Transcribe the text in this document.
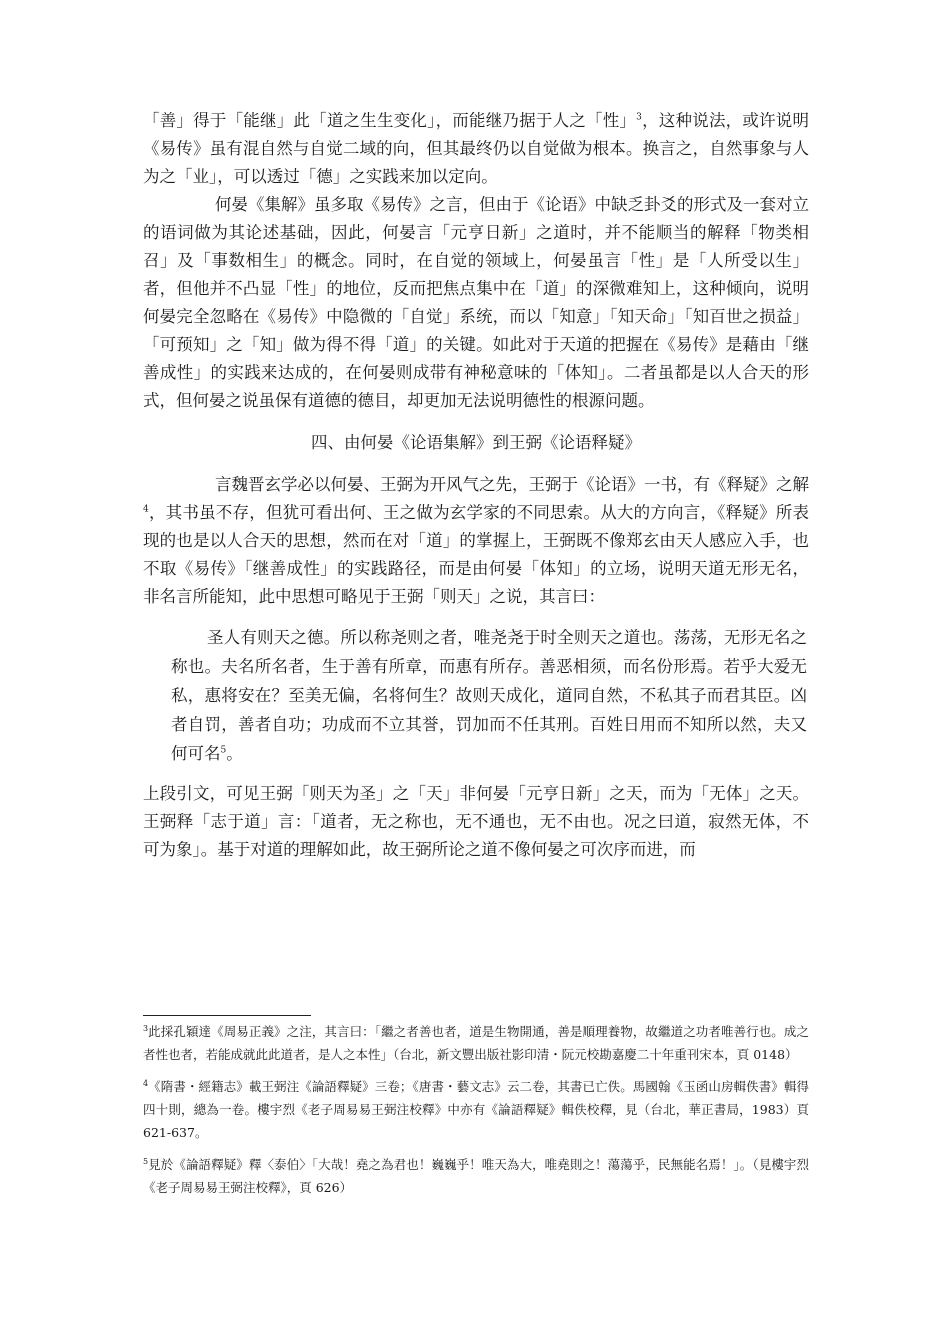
「善」得于「能继」此「道之生生变化」，而能继乃据于人之「性」$^3$，这种说法，或许说明《易传》虽有混自然与自觉二域的向，但其最终仍以自觉做为根本。换言之，自然事象与人为之「业」，可以透过「德」之实践来加以定向。

何晏《集解》虽多取《易传》之言，但由于《论语》中缺乏卦爻的形式及一套对立的语词做为其论述基础，因此，何晏言「元亨日新」之道时，并不能顺当的解释「物类相召」及「事数相生」的概念。同时，在自觉的领域上，何晏虽言「性」是「人所受以生」者，但他并不凸显「性」的地位，反而把焦点集中在「道」的深微难知上，这种倾向，说明何晏完全忽略在《易传》中隐微的「自觉」系统，而以「知意」「知天命」「知百世之损益」「可预知」之「知」做为得不得「道」的关键。如此对于天道的把握在《易传》是藉由「继善成性」的实践来达成的，在何晏则成带有神秘意味的「体知」。二者虽都是以人合天的形式，但何晏之说虽保有道德的德目，却更加无法说明德性的根源问题。

四、由何晏《论语集解》到王弼《论语释疑》

言魏晋玄学必以何晏、王弼为开风气之先，王弼于《论语》一书，有《释疑》之解$^4$，其书虽不存，但犹可看出何、王之做为玄学家的不同思索。从大的方向言，《释疑》所表现的也是以人合天的思想，然而在对「道」的掌握上，王弼既不像郑玄由天人感应入手，也不取《易传》「继善成性」的实践路径，而是由何晏「体知」的立场，说明天道无形无名，非名言所能知，此中思想可略见于王弼「则天」之说，其言曰：

圣人有则天之德。所以称尧则之者，唯尧尧于时全则天之道也。荡荡，无形无名之称也。夫名所名者，生于善有所章，而惠有所存。善恶相须，而名份形焉。若乎大爱无私，惠将安在？至美无偏，名将何生？故则天成化，道同自然，不私其子而君其臣。凶者自罚，善者自功；功成而不立其誉，罚加而不任其刑。百姓日用而不知所以然，夫又何可名$^5$。

上段引文，可见王弼「则天为圣」之「天」非何晏「元亨日新」之天，而为「无体」之天。王弼释「志于道」言：「道者，无之称也，无不通也，无不由也。况之曰道，寂然无体，不可为象」。基于对道的理解如此，故王弼所论之道不像何晏之可次序而进，而

$^3$此採孔穎達《周易正義》之注，其言曰：「繼之者善也者，道是生物開通，善是順理養物，故繼道之功者唯善行也。成之者性也者，若能成就此此道者，是人之本性」（台北，新文豐出版社影印清・阮元校勘嘉慶二十年重刊宋本，頁 0148）

$^4$《隋書・經籍志》載王弼注《論語釋疑》三卷；《唐書・藝文志》云二卷，其書已亡佚。馬國翰《玉函山房輯佚書》輯得四十則，總為一卷。樓宇烈《老子周易易王弼注校釋》中亦有《論語釋疑》輯佚校釋，見（台北，華正書局，1983）頁 621-637。

$^5$見於《論語釋疑》釋〈泰伯〉「大哉！堯之為君也！巍巍乎！唯天為大，唯堯則之！蕩蕩乎，民無能名焉！」。（見樓宇烈《老子周易易王弼注校釋》，頁 626）
